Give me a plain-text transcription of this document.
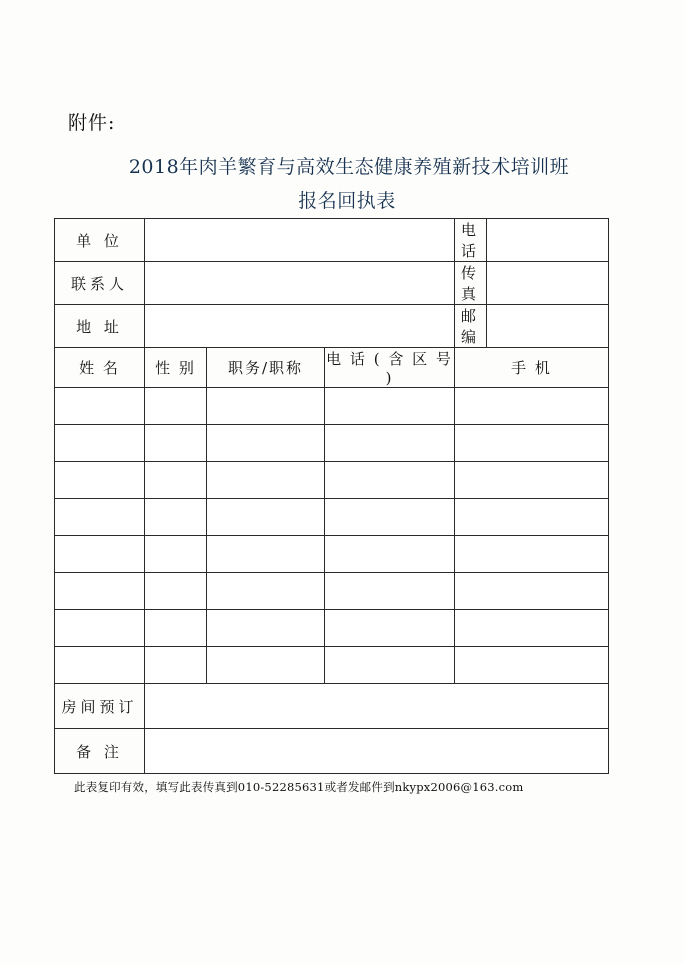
附件:
2018年肉羊繁育与高效生态健康养殖新技术培训班
报名回执表
单 位				电 话	
联系人				传 真	
地 址				邮 编	
姓 名	性 别	职务/职称	电 话 ( 含 区 号 )	手 机	

房间预订					
备 注					
此表复印有效，填写此表传真到010-52285631或者发邮件到nkypx2006@163.com
